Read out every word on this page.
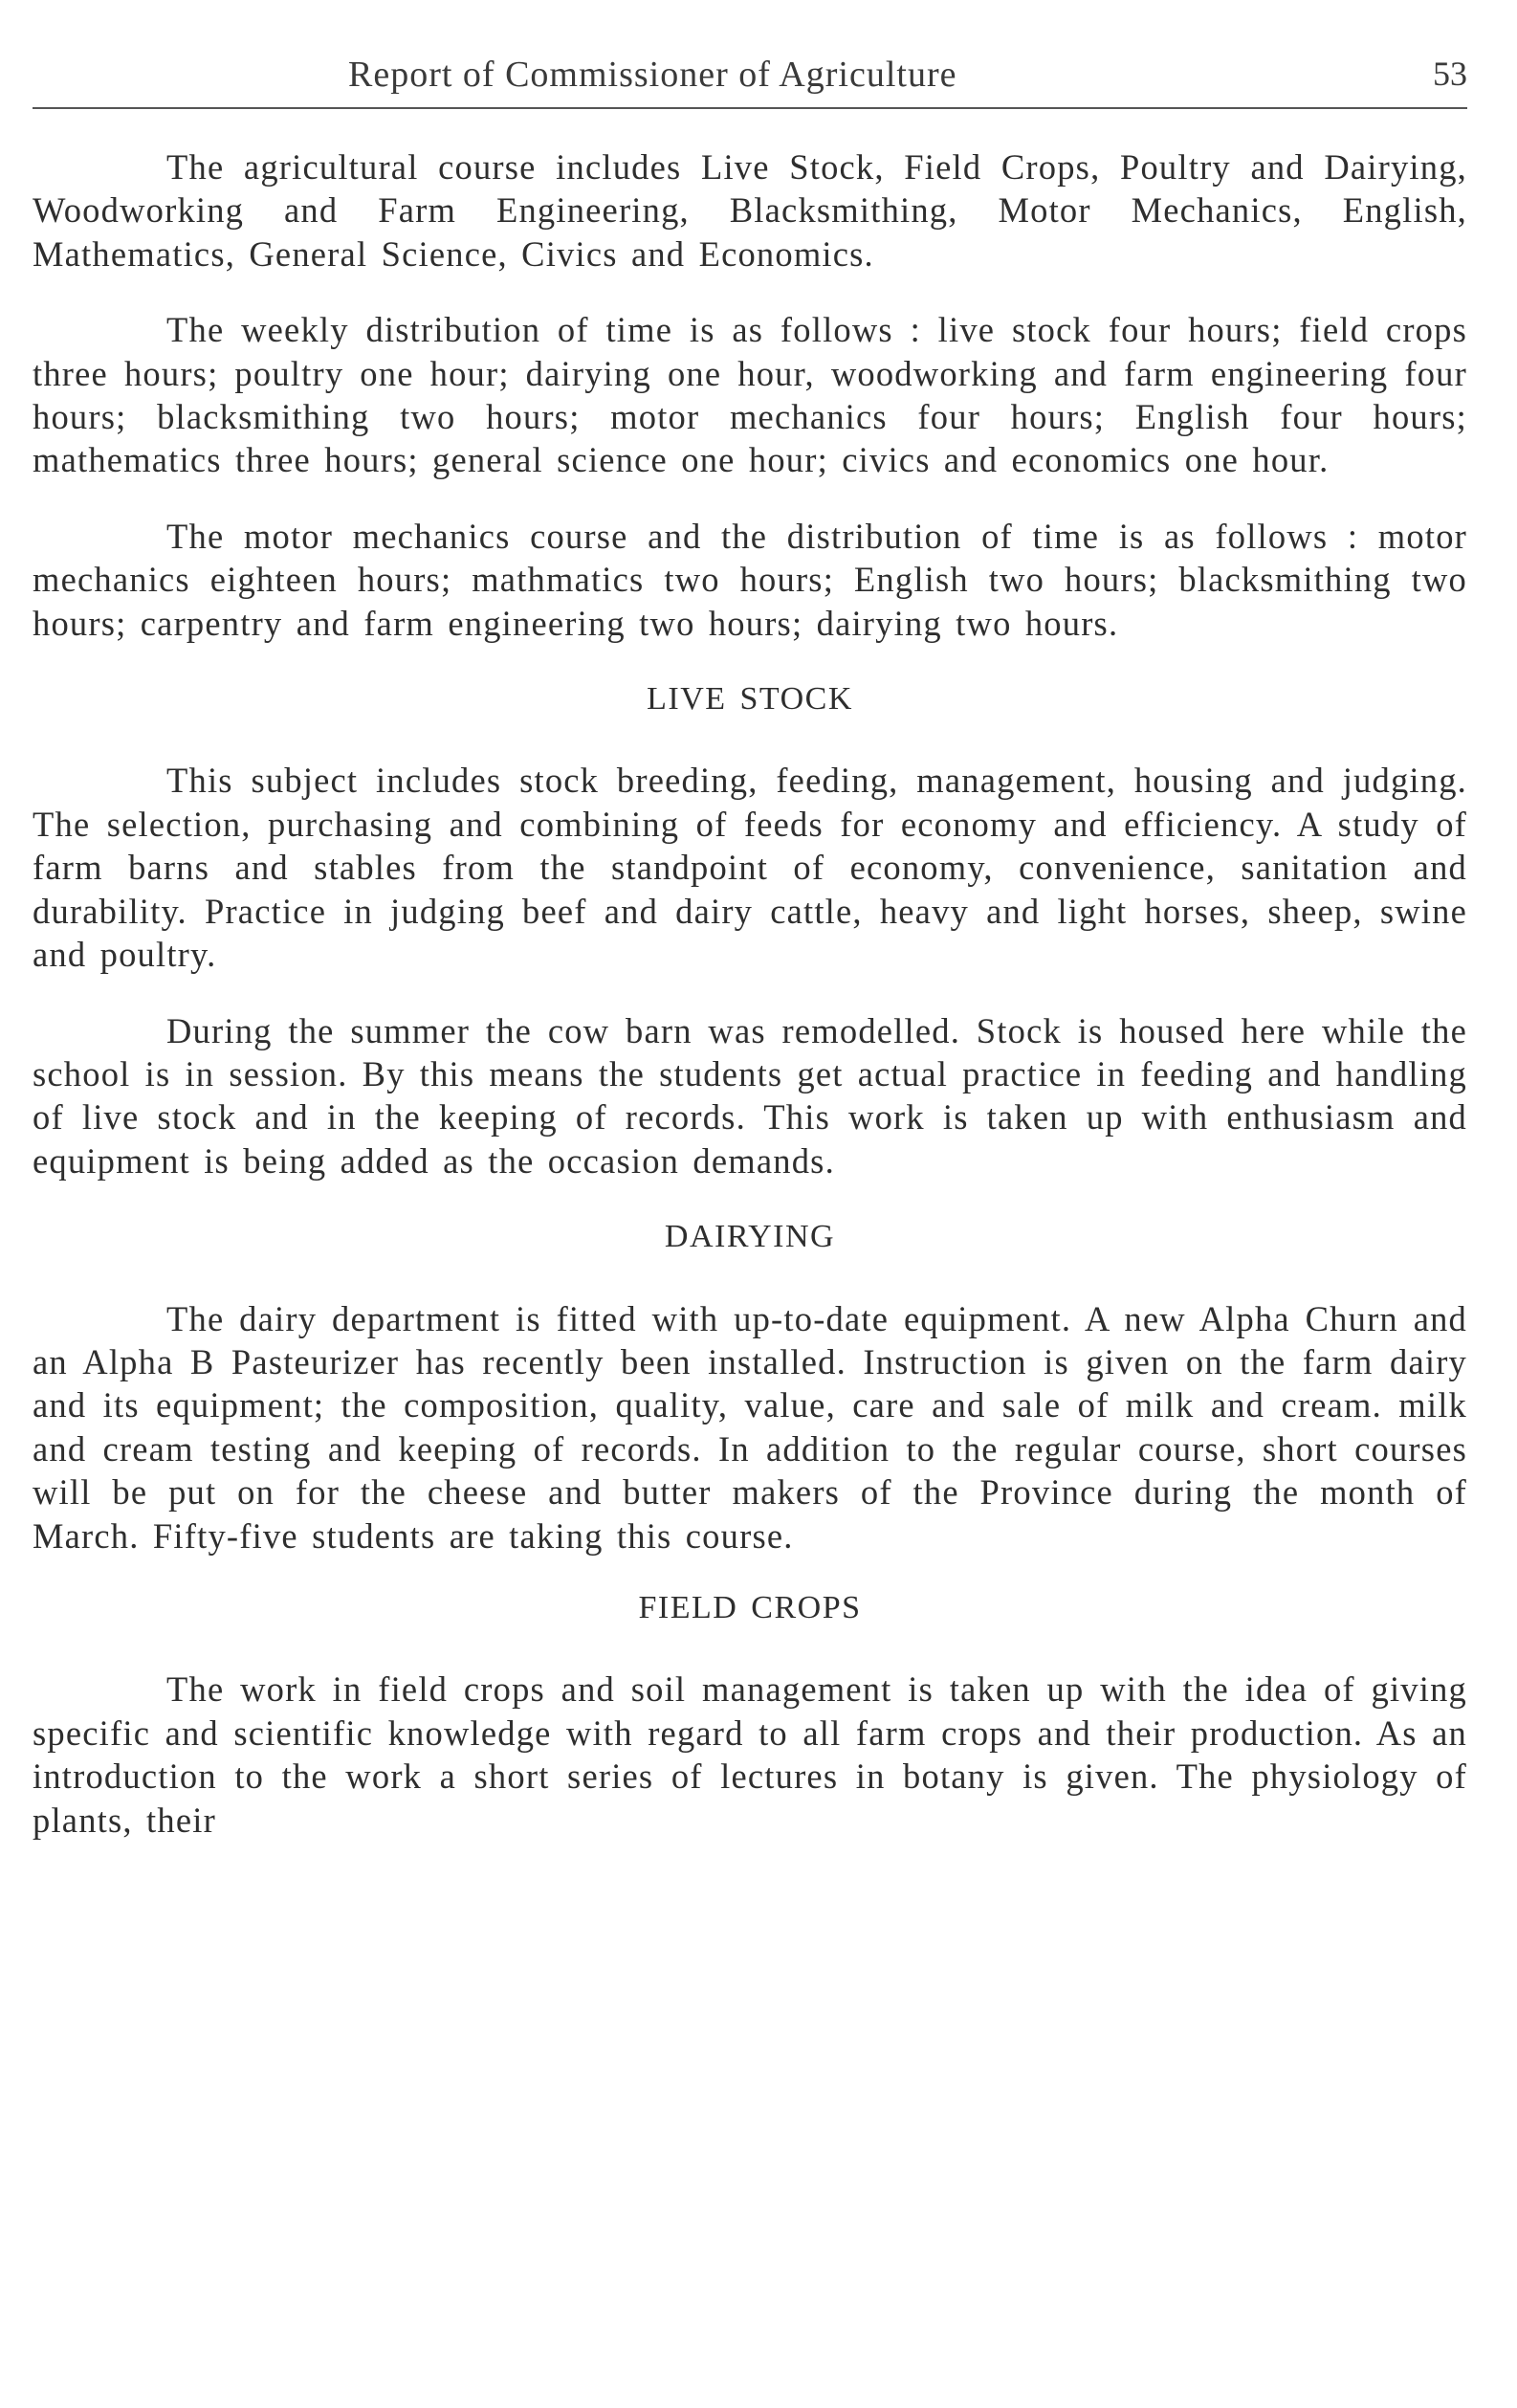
Report of Commissioner of Agriculture	53

The agricultural course includes Live Stock, Field Crops, Poultry and Dairying, Woodworking and Farm Engineering, Blacksmithing, Motor Mechanics, English, Mathematics, General Science, Civics and Economics.

The weekly distribution of time is as follows : live stock four hours; field crops three hours; poultry one hour; dairying one hour, woodworking and farm engineering four hours; blacksmithing two hours; motor mechanics four hours; English four hours; mathematics three hours; general science one hour; civics and economics one hour.

The motor mechanics course and the distribution of time is as follows : motor mechanics eighteen hours; mathmatics two hours; English two hours; blacksmithing two hours; carpentry and farm engineering two hours; dairying two hours.

LIVE STOCK

This subject includes stock breeding, feeding, management, housing and judging. The selection, purchasing and combining of feeds for economy and efficiency. A study of farm barns and stables from the standpoint of economy, convenience, sanitation and durability. Practice in judging beef and dairy cattle, heavy and light horses, sheep, swine and poultry.

During the summer the cow barn was remodelled. Stock is housed here while the school is in session. By this means the students get actual practice in feeding and handling of live stock and in the keeping of records. This work is taken up with enthusiasm and equipment is being added as the occasion demands.

DAIRYING

The dairy department is fitted with up-to-date equipment. A new Alpha Churn and an Alpha B Pasteurizer has recently been installed. Instruction is given on the farm dairy and its equipment; the composition, quality, value, care and sale of milk and cream. milk and cream testing and keeping of records. In addition to the regular course, short courses will be put on for the cheese and butter makers of the Province during the month of March. Fifty-five students are taking this course.

FIELD CROPS

The work in field crops and soil management is taken up with the idea of giving specific and scientific knowledge with regard to all farm crops and their production. As an introduction to the work a short series of lectures in botany is given. The physiology of plants, their
